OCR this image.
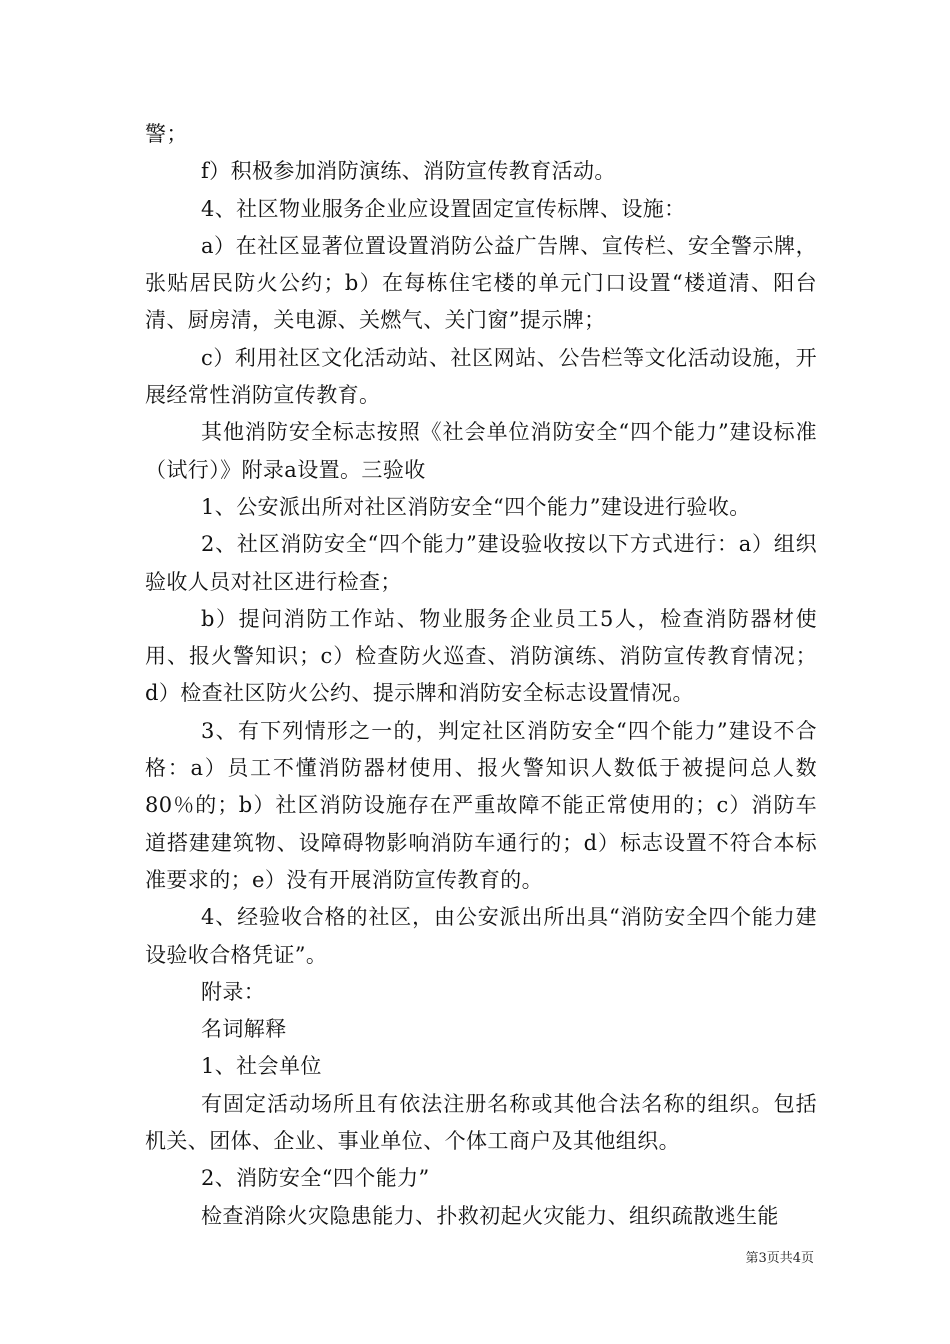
警；

f）积极参加消防演练、消防宣传教育活动。

4、社区物业服务企业应设置固定宣传标牌、设施：

a）在社区显著位置设置消防公益广告牌、宣传栏、安全警示牌，张贴居民防火公约；b）在每栋住宅楼的单元门口设置“楼道清、阳台清、厨房清，关电源、关燃气、关门窗”提示牌；

c）利用社区文化活动站、社区网站、公告栏等文化活动设施，开展经常性消防宣传教育。

其他消防安全标志按照《社会单位消防安全“四个能力”建设标准（试行）》附录a设置。三验收

1、公安派出所对社区消防安全“四个能力”建设进行验收。

2、社区消防安全“四个能力”建设验收按以下方式进行：a）组织验收人员对社区进行检查；

b）提问消防工作站、物业服务企业员工5人，检查消防器材使用、报火警知识；c）检查防火巡查、消防演练、消防宣传教育情况；d）检查社区防火公约、提示牌和消防安全标志设置情况。

3、有下列情形之一的，判定社区消防安全“四个能力”建设不合格：a）员工不懂消防器材使用、报火警知识人数低于被提问总人数80％的；b）社区消防设施存在严重故障不能正常使用的；c）消防车道搭建建筑物、设障碍物影响消防车通行的；d）标志设置不符合本标准要求的；e）没有开展消防宣传教育的。

4、经验收合格的社区，由公安派出所出具“消防安全四个能力建设验收合格凭证”。

附录：

名词解释

1、社会单位

有固定活动场所且有依法注册名称或其他合法名称的组织。包括机关、团体、企业、事业单位、个体工商户及其他组织。

2、消防安全“四个能力”

检查消除火灾隐患能力、扑救初起火灾能力、组织疏散逃生能

第3页共4页
